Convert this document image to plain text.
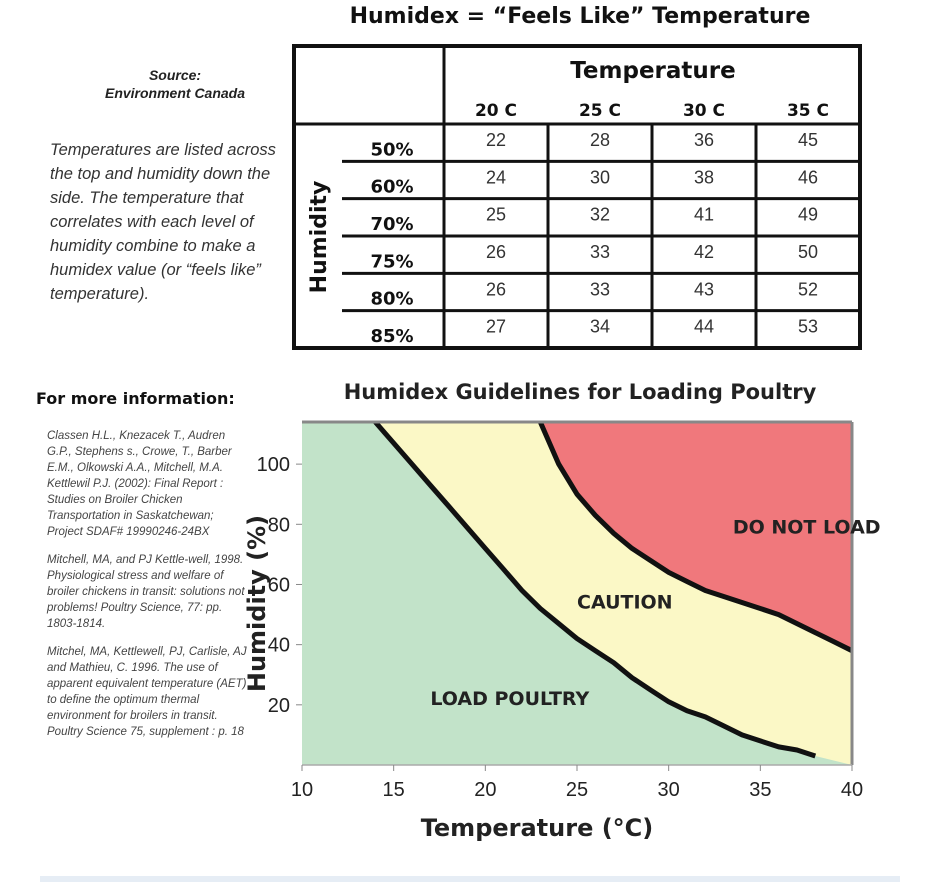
Humidex = “Feels Like” Temperature
Source:
Environment Canada
Temperatures are listed across the top and humidity down the side. The temperature that correlates with each level of humidity combine to make a humidex value (or “feels like” temperature).
Temperature
Humidity
20 C	25 C	30 C	35 C
50%	22	28	36	45
60%	24	30	38	46
70%	25	32	41	49
75%	26	33	42	50
80%	26	33	43	52
85%	27	34	44	53
For more information:

Classen H.L., Knezacek T., Audren G.P., Stephens s., Crowe, T., Barber E.M., Olkowski A.A., Mitchell, M.A. Kettlewil P.J. (2002): Final Report : Studies on Broiler Chicken Transportation in Saskatchewan; Project SDAF# 19990246-24BX

Mitchell, MA, and PJ Kettle-well, 1998. Physiological stress and welfare of broiler chickens in transit: solutions not problems! Poultry Science, 77: pp. 1803-1814.

Mitchel, MA, Kettlewell, PJ, Carlisle, AJ and Mathieu, C. 1996. The use of apparent equivalent temperature (AET) to define the optimum thermal environment for broilers in transit. Poultry Science 75, supplement : p. 18

Humidex Guidelines for Loading Poultry
LOAD POULTRY
CAUTION
DO NOT LOAD
10	15	20	25	30	35	40
20
40
60
80
100
Temperature (°C)
Humidity (%)
